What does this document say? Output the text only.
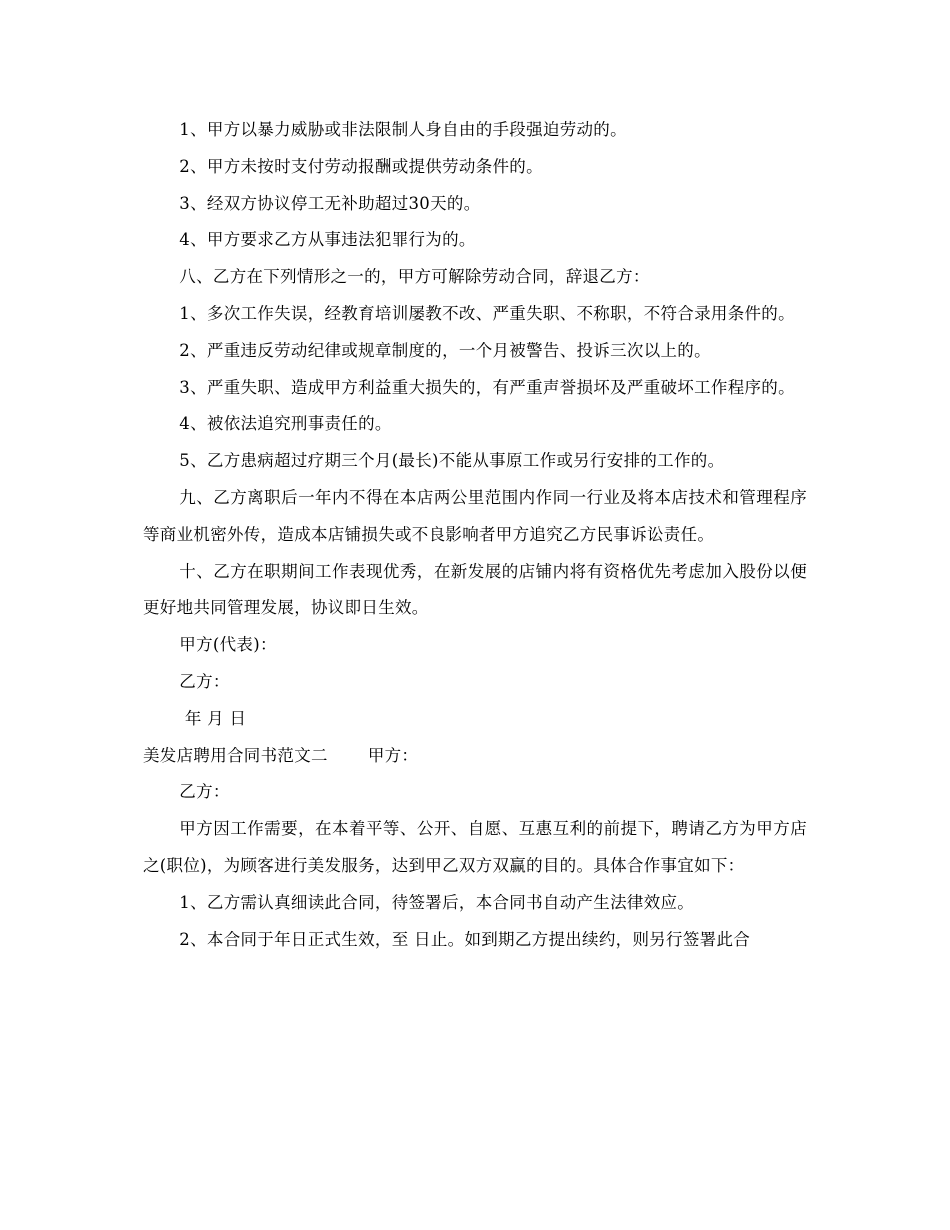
1、甲方以暴力威胁或非法限制人身自由的手段强迫劳动的。

2、甲方未按时支付劳动报酬或提供劳动条件的。

3、经双方协议停工无补助超过30天的。

4、甲方要求乙方从事违法犯罪行为的。

八、乙方在下列情形之一的，甲方可解除劳动合同，辞退乙方：

1、多次工作失误，经教育培训屡教不改、严重失职、不称职，不符合录用条件的。

2、严重违反劳动纪律或规章制度的，一个月被警告、投诉三次以上的。

3、严重失职、造成甲方利益重大损失的，有严重声誉损坏及严重破坏工作程序的。

4、被依法追究刑事责任的。

5、乙方患病超过疗期三个月(最长)不能从事原工作或另行安排的工作的。

九、乙方离职后一年内不得在本店两公里范围内作同一行业及将本店技术和管理程序等商业机密外传，造成本店铺损失或不良影响者甲方追究乙方民事诉讼责任。

十、乙方在职期间工作表现优秀，在新发展的店铺内将有资格优先考虑加入股份以便更好地共同管理发展，协议即日生效。

甲方(代表)：

乙方：

年 月 日

美发店聘用合同书范文二 甲方：

乙方：

甲方因工作需要，在本着平等、公开、自愿、互惠互利的前提下，聘请乙方为甲方店之(职位)，为顾客进行美发服务，达到甲乙双方双赢的目的。具体合作事宜如下：

1、乙方需认真细读此合同，待签署后，本合同书自动产生法律效应。

2、本合同于年日正式生效，至 日止。如到期乙方提出续约，则另行签署此合
